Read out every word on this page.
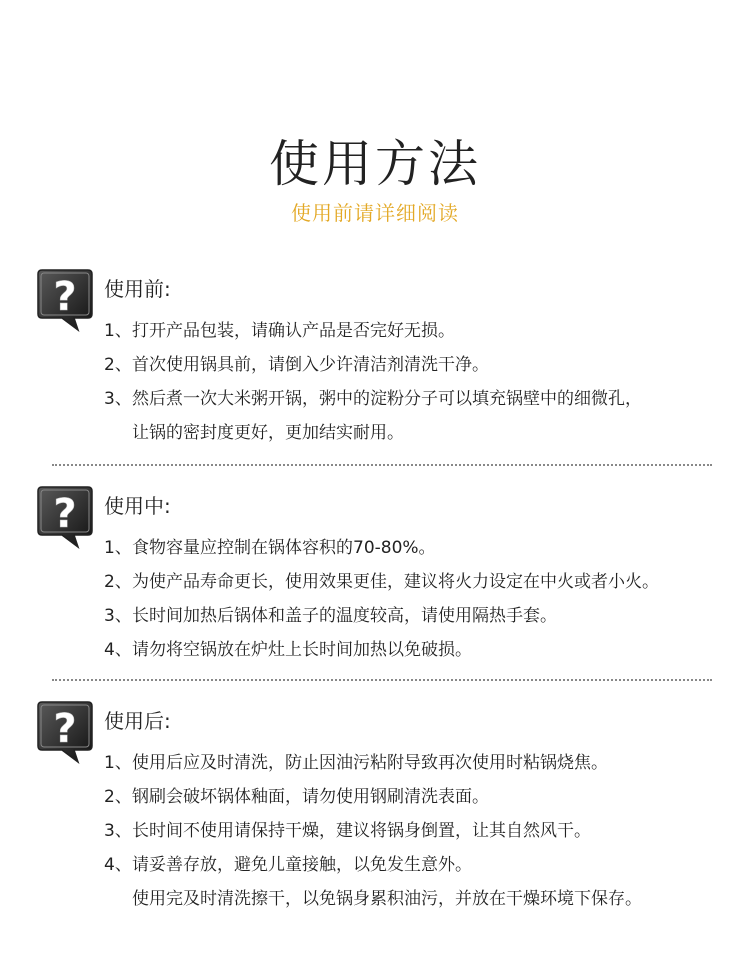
使用方法
使用前请详细阅读
? 使用前:
1、 打开产品包装，请确认产品是否完好无损。
2、 首次使用锅具前，请倒入少许清洁剂清洗干净。
3、 然后煮一次大米粥开锅，粥中的淀粉分子可以填充锅壁中的细微孔，
让锅的密封度更好，更加结实耐用。
? 使用中:
1、 食物容量应控制在锅体容积的70-80%。
2、 为使产品寿命更长，使用效果更佳，建议将火力设定在中火或者小火。
3、 长时间加热后锅体和盖子的温度较高，请使用隔热手套。
4、 请勿将空锅放在炉灶上长时间加热以免破损。
? 使用后:
1、 使用后应及时清洗，防止因油污粘附导致再次使用时粘锅烧焦。
2、 钢刷会破坏锅体釉面，请勿使用钢刷清洗表面。
3、 长时间不使用请保持干燥，建议将锅身倒置，让其自然风干。
4、 请妥善存放，避免儿童接触，以免发生意外。
使用完及时清洗擦干，以免锅身累积油污，并放在干燥环境下保存。
